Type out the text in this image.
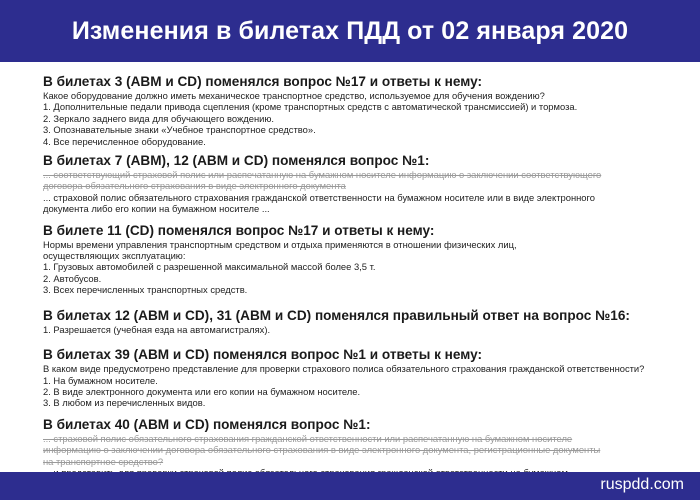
Изменения в билетах ПДД от 02 января 2020
В билетах 3 (ABM и CD) поменялся вопрос №17 и ответы к нему:

Какое оборудование должно иметь механическое транспортное средство, используемое для обучения вождению?

1. Дополнительные педали привода сцепления (кроме транспортных средств с автоматической трансмиссией) и тормоза.

2. Зеркало заднего вида для обучающего вождению.

3. Опознавательные знаки «Учебное транспортное средство».

4. Все перечисленное оборудование.

В билетах 7 (ABM), 12 (ABM и CD) поменялся вопрос №1:

... соответствующий страховой полис или распечатанную на бумажном носителе информацию о заключении соответствующего

договора обязательного страхования в виде электронного документа

... страховой полис обязательного страхования гражданской ответственности на бумажном носителе или в виде электронного

документа либо его копии на бумажном носителе ...

В билете 11 (CD) поменялся вопрос №17 и ответы к нему:

Нормы времени управления транспортным средством и отдыха применяются в отношении физических лиц,

осуществляющих эксплуатацию:

1. Грузовых автомобилей с разрешенной максимальной массой более 3,5 т.

2. Автобусов.

3. Всех перечисленных транспортных средств.

В билетах 12 (ABM и CD), 31 (ABM и CD) поменялся правильный ответ на вопрос №16:

1. Разрешается (учебная езда на автомагистралях).

В билетах 39 (ABM и CD) поменялся вопрос №1 и ответы к нему:

В каком виде предусмотрено представление для проверки страхового полиса обязательного страхования гражданской ответственности?

1. На бумажном носителе.

2. В виде электронного документа или его копии на бумажном носителе.

3. В любом из перечисленных видов.

В билетах 40 (ABM и CD) поменялся вопрос №1:

... страховой полис обязательного страхования гражданской ответственности или распечатанную на бумажном носителе

информацию о заключении договора обязательного страхования в виде электронного документа, регистрационные документы

на транспортное средство?

ruspdd.com
